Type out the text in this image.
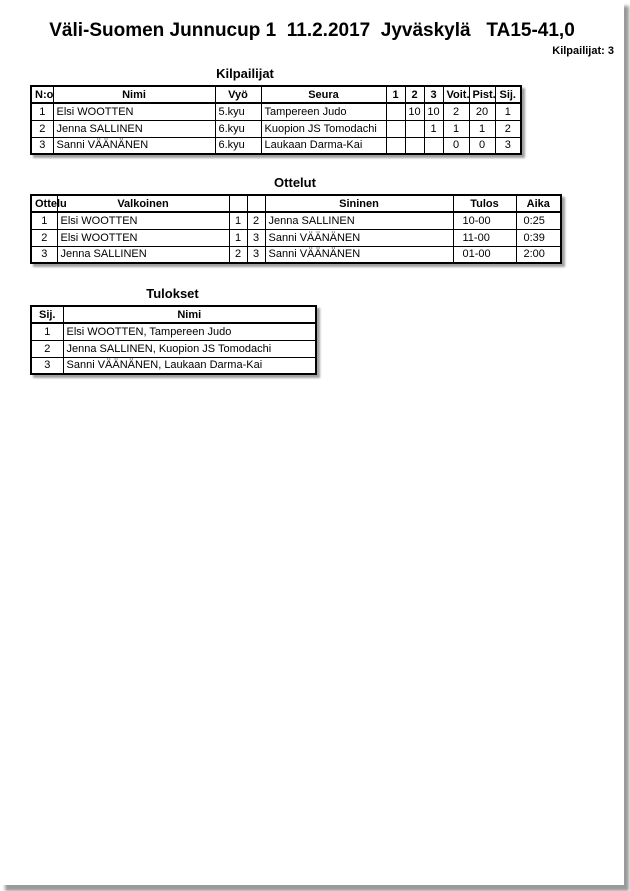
Väli-Suomen Junnucup 1  11.2.2017  Jyväskylä   TA15-41,0
Kilpailijat: 3
Kilpailijat
N:o	Nimi	Vyö	Seura	1	2	3	Voit.	Pist.	Sij.
1	Elsi WOOTTEN	5.kyu	Tampereen Judo		10	10	2	20	1
2	Jenna SALLINEN	6.kyu	Kuopion JS Tomodachi			1	1	1	2
3	Sanni VÄÄNÄNEN	6.kyu	Laukaan Darma-Kai				0	0	3
Ottelut
Ottelu	Valkoinen			Sininen	Tulos	Aika
1	Elsi WOOTTEN	1	2	Jenna SALLINEN	10-00	0:25
2	Elsi WOOTTEN	1	3	Sanni VÄÄNÄNEN	11-00	0:39
3	Jenna SALLINEN	2	3	Sanni VÄÄNÄNEN	01-00	2:00
Tulokset
Sij.	Nimi
1	Elsi WOOTTEN, Tampereen Judo
2	Jenna SALLINEN, Kuopion JS Tomodachi
3	Sanni VÄÄNÄNEN, Laukaan Darma-Kai
